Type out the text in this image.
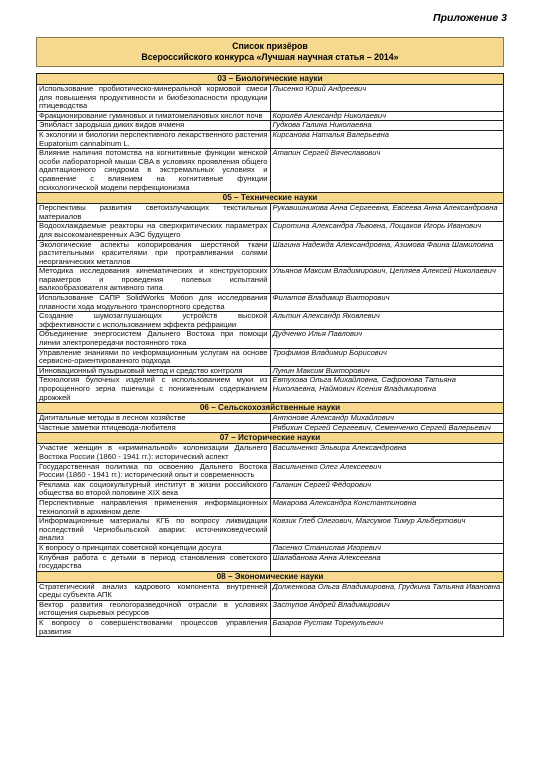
Приложение 3
Список призёров
Всероссийского конкурса «Лучшая научная статья – 2014»
03 – Биологические науки	
Использование пробиотическо-минеральной кормовой смеси для повышения продуктивности и биобезопасности продукции птицеводства	Лысенко Юрий Андреевич
Фракционирование гуминовых и гиматомелановых кислот почв	Королёв Александр Николаевич
Эпибласт зародыша диких видов ячменя	Гудкова Галина Николаевна
К экологии и биологии перспективного лекарственного растения Eupatorium cannabinum L.	Кирсанова Наталья Валерьевна
Влияние наличия потомства на когнитивные функции женской особи лабораторной мыши CBA в условиях проявления общего адаптационного синдрома в экстремальных условиях и сравнение с влиянием на когнитивные функции психологической модели перфекционизма	Атапин Сергей Вячеславович
05 – Технические науки	
Перспективы развития светоизлучающих текстильных материалов	Рукавишникова Анна Сергеевна, Евсеева Анна Александровна
Водоохлаждаемые реакторы на сверхкритических параметрах для высокоманевренных АЭС будущего	Сиротина Александра Львовна, Лощаков Игорь Иванович
Экологические аспекты колорирования шерстяной ткани растительными красителями при протравливании солями неорганических металлов	Шагина Надежда Александровна, Азимова Фаина Шамиловна
Методика исследования кинематических и конструкторских параметров и проведения полевых испытаний валкообразователя активного типа	Ульянов Максим Владимирович, Цепляев Алексей Николаевич
Использование САПР SolidWorks Motion для исследования плавности хода модульного транспортного средства	Филатов Владимир Викторович
Создание шумозаглушающих устройств высокой эффективности с использованием эффекта рефракции	Альтин Александр Яковлевич
Объединение энергосистем Дальнего Востока при помощи линии электропередачи постоянного тока	Дудченко Илья Павлович
Управление знаниями по информационным услугам на основе сервисно-ориентированного подхода	Трофимов Владимир Борисович
Инновационный пузырьковый метод и средство контроля	Лунин Максим Викторович
Технология булочных изделий с использованием муки из пророщенного зерна пшеницы с пониженным содержанием дрожжей	Евтухова Ольга Михайловна, Сафронова Татьяна Николаевна, Наймович Ксения Владимировна
06 – Сельскохозяйственные науки	
Дигитальные методы в лесном хозяйстве	Антонове Александр Михайлович
Частные заметки птицевода-любителя	Рябихин Сергей Сергеевич, Семенченко Сергей Валерьевич
07 – Исторические науки	
Участие женщин в «криминальной» колонизации Дальнего Востока России (1860 - 1941 гг.): исторический аспект	Васильченко Эльвира Александровна
Государственная политика по освоению Дальнего Востока России (1860 - 1941 гг.): исторический опыт и современность	Васильченко Олег Алексеевич
Реклама как социокультурный институт в жизни российского общества во второй половине XIX века	Галанин Сергей Фёдорович
Перспективные направления применения информационных технологий в архивном деле	Макарова Александра Константиновна
Информационные материалы КГБ по вопросу ликвидации последствий Чернобыльской аварии: источниковедческий анализ	Ковзик Глеб Олегович, Магсумов Тимур Альбертович
К вопросу о принципах советской концепции досуга	Пасенко Станислав Игоревич
Клубная работа с детьми в период становления советского государства	Шалабанова Анна Алексеевна
08 – Экономические науки	
Стратегический анализ кадрового компонента внутренней среды субъекта АПК	Долженкова Ольга Владимировна, Грудкина Татьяна Ивановна
Вектор развития геологоразведочной отрасли в условиях истощения сырьевых ресурсов	Заступов Андрей Владимирович
К вопросу о совершенствовании процессов управления развития	Базаров Рустам Торекульевич
